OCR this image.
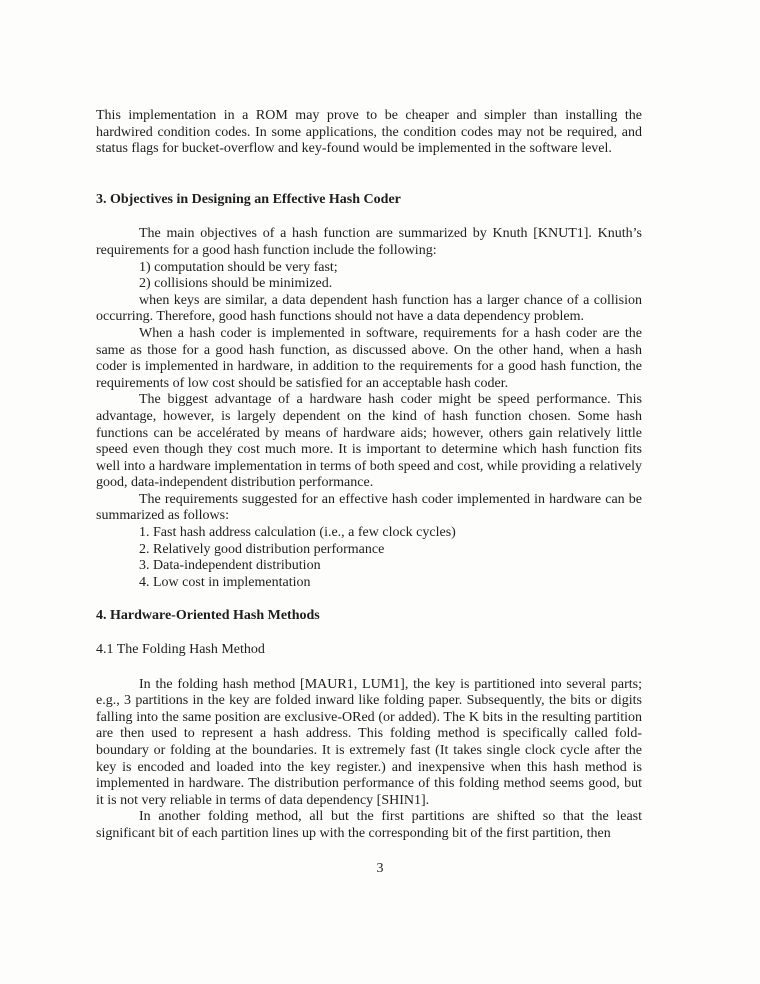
This implementation in a ROM may prove to be cheaper and simpler than installing the hardwired condition codes. In some applications, the condition codes may not be required, and status flags for bucket-overflow and key-found would be implemented in the software level.

3. Objectives in Designing an Effective Hash Coder

The main objectives of a hash function are summarized by Knuth [KNUT1]. Knuth’s requirements for a good hash function include the following:

1) computation should be very fast;

2) collisions should be minimized.

when keys are similar, a data dependent hash function has a larger chance of a collision occurring. Therefore, good hash functions should not have a data dependency problem.

When a hash coder is implemented in software, requirements for a hash coder are the same as those for a good hash function, as discussed above. On the other hand, when a hash coder is implemented in hardware, in addition to the requirements for a good hash function, the requirements of low cost should be satisfied for an acceptable hash coder.

The biggest advantage of a hardware hash coder might be speed performance. This advantage, however, is largely dependent on the kind of hash function chosen. Some hash functions can be accelérated by means of hardware aids; however, others gain relatively little speed even though they cost much more. It is important to determine which hash function fits well into a hardware implementation in terms of both speed and cost, while providing a relatively good, data-independent distribution performance.

The requirements suggested for an effective hash coder implemented in hardware can be summarized as follows:

1. Fast hash address calculation (i.e., a few clock cycles)

2. Relatively good distribution performance

3. Data-independent distribution

4. Low cost in implementation

4. Hardware-Oriented Hash Methods

4.1 The Folding Hash Method

In the folding hash method [MAUR1, LUM1], the key is partitioned into several parts; e.g., 3 partitions in the key are folded inward like folding paper. Subsequently, the bits or digits falling into the same position are exclusive-ORed (or added). The K bits in the resulting partition are then used to represent a hash address. This folding method is specifically called fold-boundary or folding at the boundaries. It is extremely fast (It takes single clock cycle after the key is encoded and loaded into the key register.) and inexpensive when this hash method is implemented in hardware. The distribution performance of this folding method seems good, but it is not very reliable in terms of data dependency [SHIN1].

In another folding method, all but the first partitions are shifted so that the least significant bit of each partition lines up with the corresponding bit of the first partition, then

3
